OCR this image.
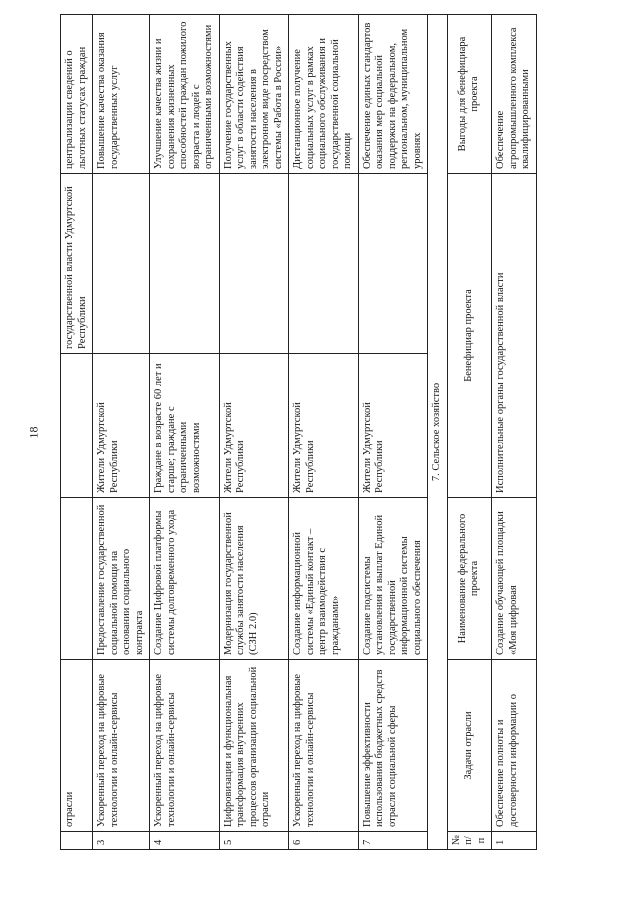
18
	отрасли			государственной власти Удмуртской Республики	централизации сведений о льготных статусах граждан
3	Ускоренный переход на цифровые технологии и онлайн-сервисы	Предоставление государственной социальной помощи на основании социального контракта	Жители Удмуртской Республики		Повышение качества оказания государственных услуг
4	Ускоренный переход на цифровые технологии и онлайн-сервисы	Создание Цифровой платформы системы долговременного ухода	Граждане в возрасте 60 лет и старше; граждане с ограниченными возможностями		Улучшение качества жизни и сохранения жизненных способностей граждан пожилого возраста и людей с ограниченными возможностями
5	Цифровизация и функциональная трансформация внутренних процессов организации социальной отрасли	Модернизация государственной службы занятости населения (СЗН 2.0)	Жители Удмуртской Республики		Получение государственных услуг в области содействия занятости населения в электронном виде посредством системы «Работа в России»
6	Ускоренный переход на цифровые технологии и онлайн-сервисы	Создание информационной системы «Единый контакт – центр взаимодействия с гражданами»	Жители Удмуртской Республики		Дистанционное получение социальных услуг в рамках социального обслуживания и государственной социальной помощи
7	Повышение эффективности использования бюджетных средств отрасли социальной сферы	Создание подсистемы установления и выплат Единой государственной информационной системы социального обеспечения	Жители Удмуртской Республики		Обеспечение единых стандартов оказания мер социальной поддержки на федеральном, региональном, муниципальном уровнях
7. Сельское хозяйство					
№ п/п	Задачи отрасли	Наименование федерального проекта	Бенефициар проекта		Выгоды для бенефициара проекта
1	Обеспечение полноты и достоверности информации о	Создание обучающей площадки «Моя цифровая	Исполнительные органы государственной власти		Обеспечение агропромышленного комплекса квалифицированными
